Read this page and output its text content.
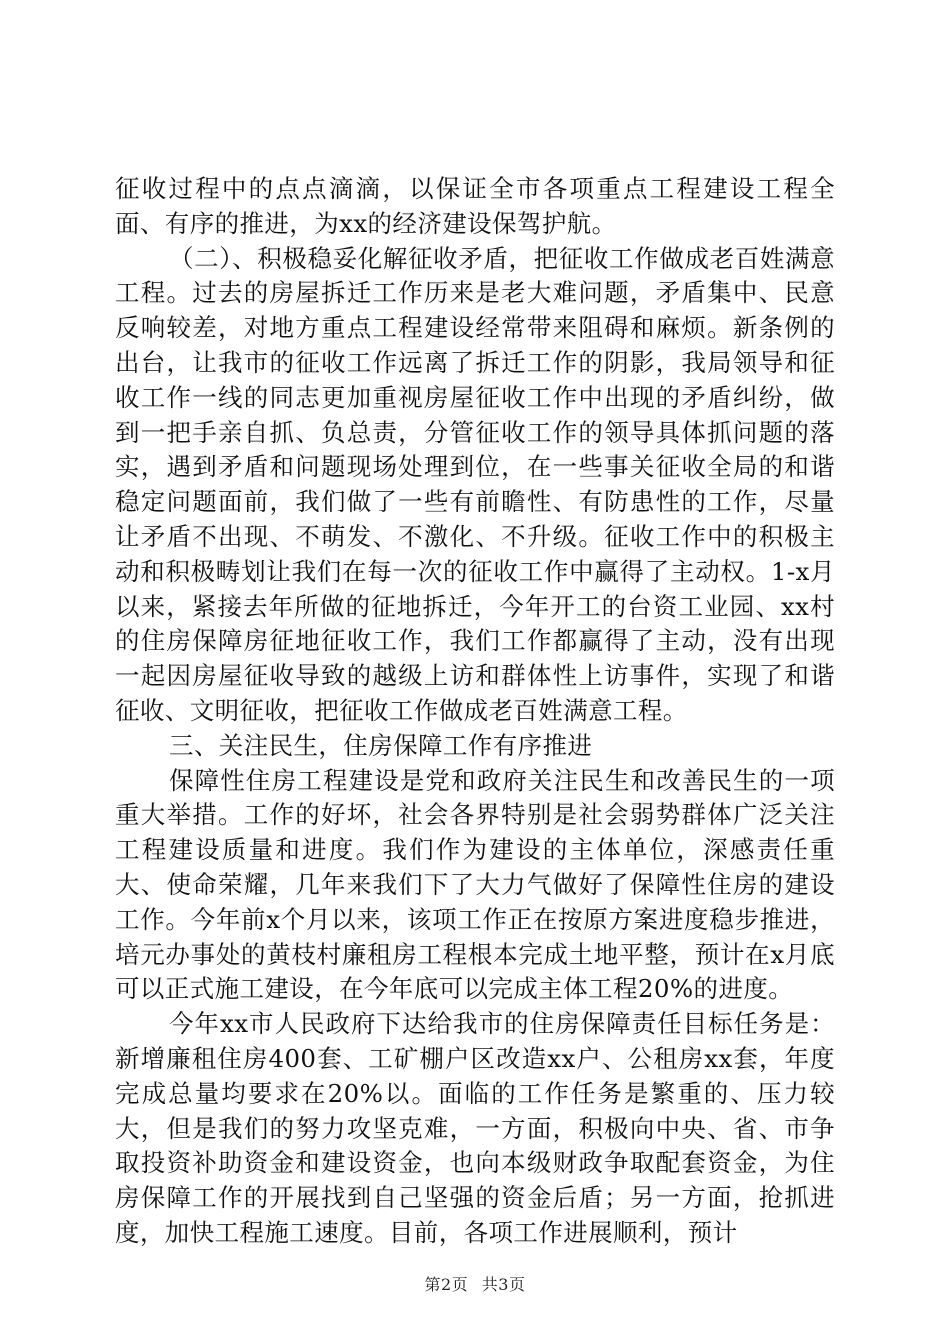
征收过程中的点点滴滴，以保证全市各项重点工程建设工程全面、有序的推进，为xx的经济建设保驾护航。

（二）、积极稳妥化解征收矛盾，把征收工作做成老百姓满意工程。过去的房屋拆迁工作历来是老大难问题，矛盾集中、民意反响较差，对地方重点工程建设经常带来阻碍和麻烦。新条例的出台，让我市的征收工作远离了拆迁工作的阴影，我局领导和征收工作一线的同志更加重视房屋征收工作中出现的矛盾纠纷，做到一把手亲自抓、负总责，分管征收工作的领导具体抓问题的落实，遇到矛盾和问题现场处理到位，在一些事关征收全局的和谐稳定问题面前，我们做了一些有前瞻性、有防患性的工作，尽量让矛盾不出现、不萌发、不激化、不升级。征收工作中的积极主动和积极畴划让我们在每一次的征收工作中赢得了主动权。1-x月以来，紧接去年所做的征地拆迁，今年开工的台资工业园、xx村的住房保障房征地征收工作，我们工作都赢得了主动，没有出现一起因房屋征收导致的越级上访和群体性上访事件，实现了和谐征收、文明征收，把征收工作做成老百姓满意工程。

三、关注民生，住房保障工作有序推进

保障性住房工程建设是党和政府关注民生和改善民生的一项重大举措。工作的好坏，社会各界特别是社会弱势群体广泛关注工程建设质量和进度。我们作为建设的主体单位，深感责任重大、使命荣耀，几年来我们下了大力气做好了保障性住房的建设工作。今年前x个月以来，该项工作正在按原方案进度稳步推进，培元办事处的黄枝村廉租房工程根本完成土地平整，预计在x月底可以正式施工建设，在今年底可以完成主体工程20%的进度。

今年xx市人民政府下达给我市的住房保障责任目标任务是：新增廉租住房400套、工矿棚户区改造xx户、公租房xx套，年度完成总量均要求在20%以。面临的工作任务是繁重的、压力较大，但是我们的努力攻坚克难，一方面，积极向中央、省、市争取投资补助资金和建设资金，也向本级财政争取配套资金，为住房保障工作的开展找到自己坚强的资金后盾；另一方面，抢抓进度，加快工程施工速度。目前，各项工作进展顺利，预计

第2页 共3页
